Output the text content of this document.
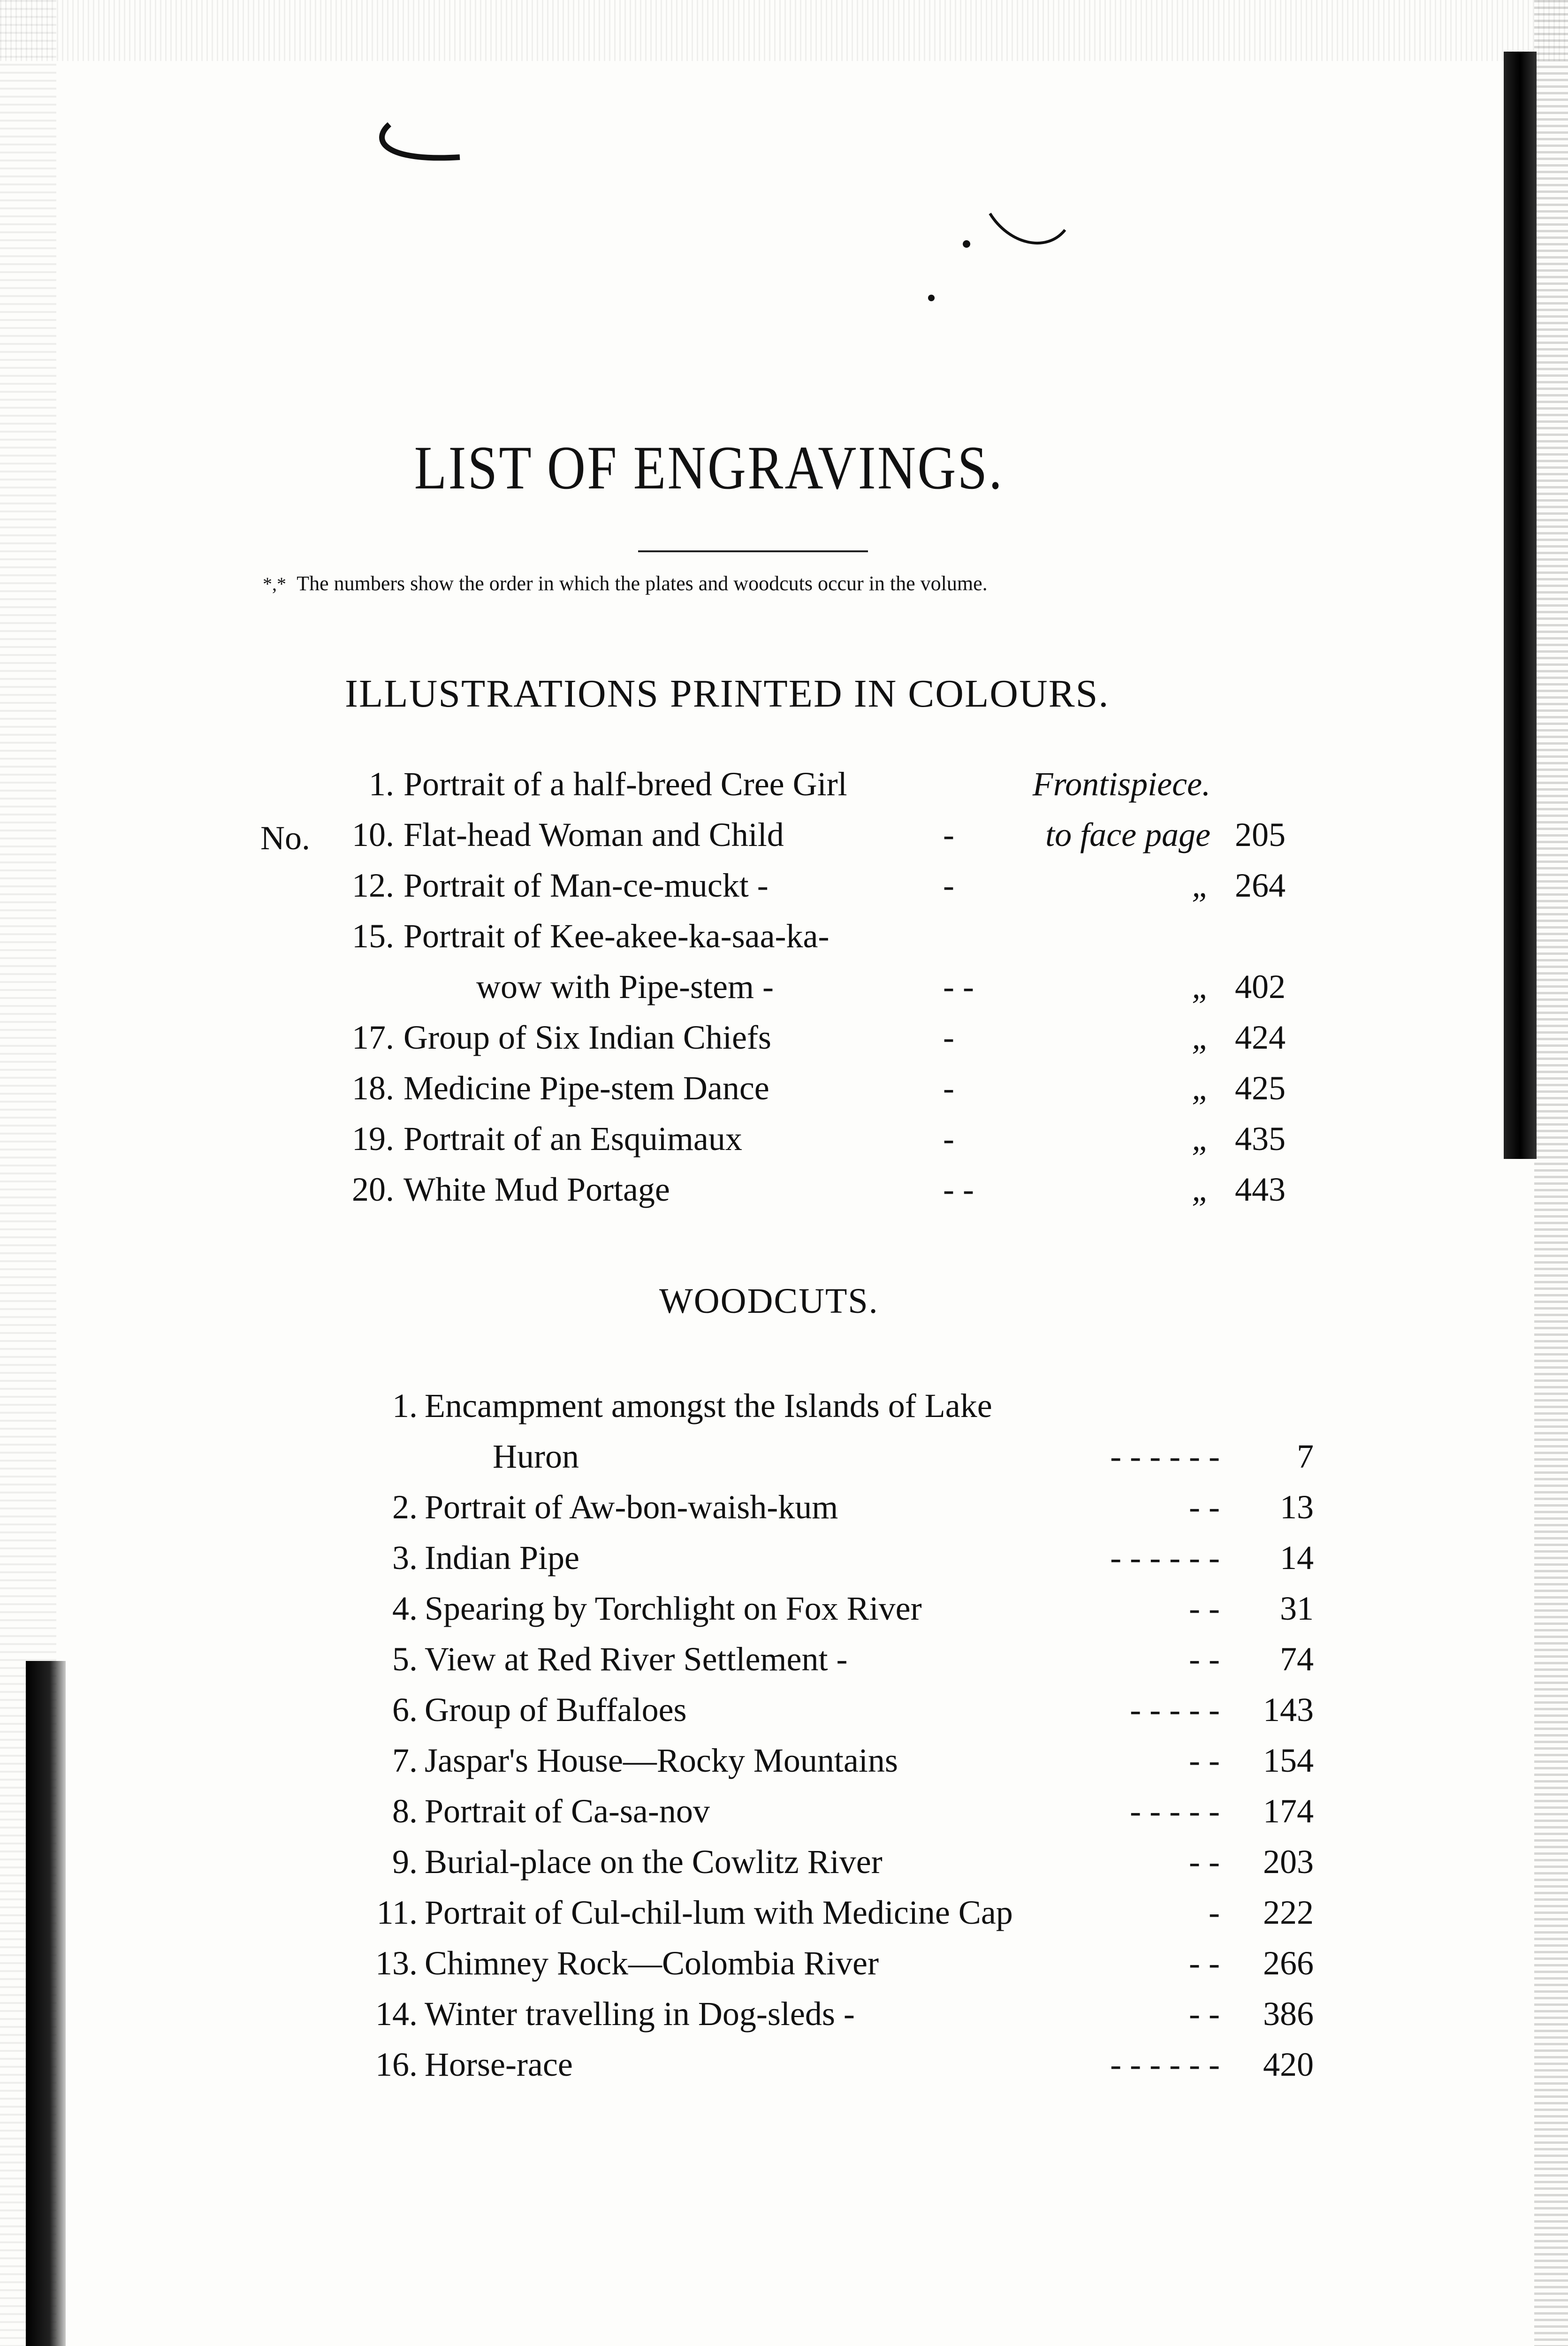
LIST OF ENGRAVINGS.
*,* The numbers show the order in which the plates and woodcuts occur in the volume.
ILLUSTRATIONS PRINTED IN COLOURS.
No.
1. Portrait of a half-breed Cree Girl	Frontispiece.
10. Flat-head Woman and Child	-	to face page 205
12. Portrait of Man-ce-muckt -	-	„ 264
15. Portrait of Kee-akee-ka-saa-ka-
wow with Pipe-stem -	- -	„ 402
17. Group of Six Indian Chiefs	-	„ 424
18. Medicine Pipe-stem Dance	-	„ 425
19. Portrait of an Esquimaux	-	„ 435
20. White Mud Portage	- -	„ 443
WOODCUTS.
1. Encampment amongst the Islands of Lake
Huron	- - - - - -	7
2. Portrait of Aw-bon-waish-kum	- -	13
3. Indian Pipe	- - - - - -	14
4. Spearing by Torchlight on Fox River	- -	31
5. View at Red River Settlement -	- -	74
6. Group of Buffaloes	- - - - -	143
7. Jaspar's House—Rocky Mountains	- -	154
8. Portrait of Ca-sa-nov	- - - - -	174
9. Burial-place on the Cowlitz River	- -	203
11. Portrait of Cul-chil-lum with Medicine Cap	-	222
13. Chimney Rock—Colombia River	- -	266
14. Winter travelling in Dog-sleds -	- -	386
16. Horse-race	- - - - - -	420
